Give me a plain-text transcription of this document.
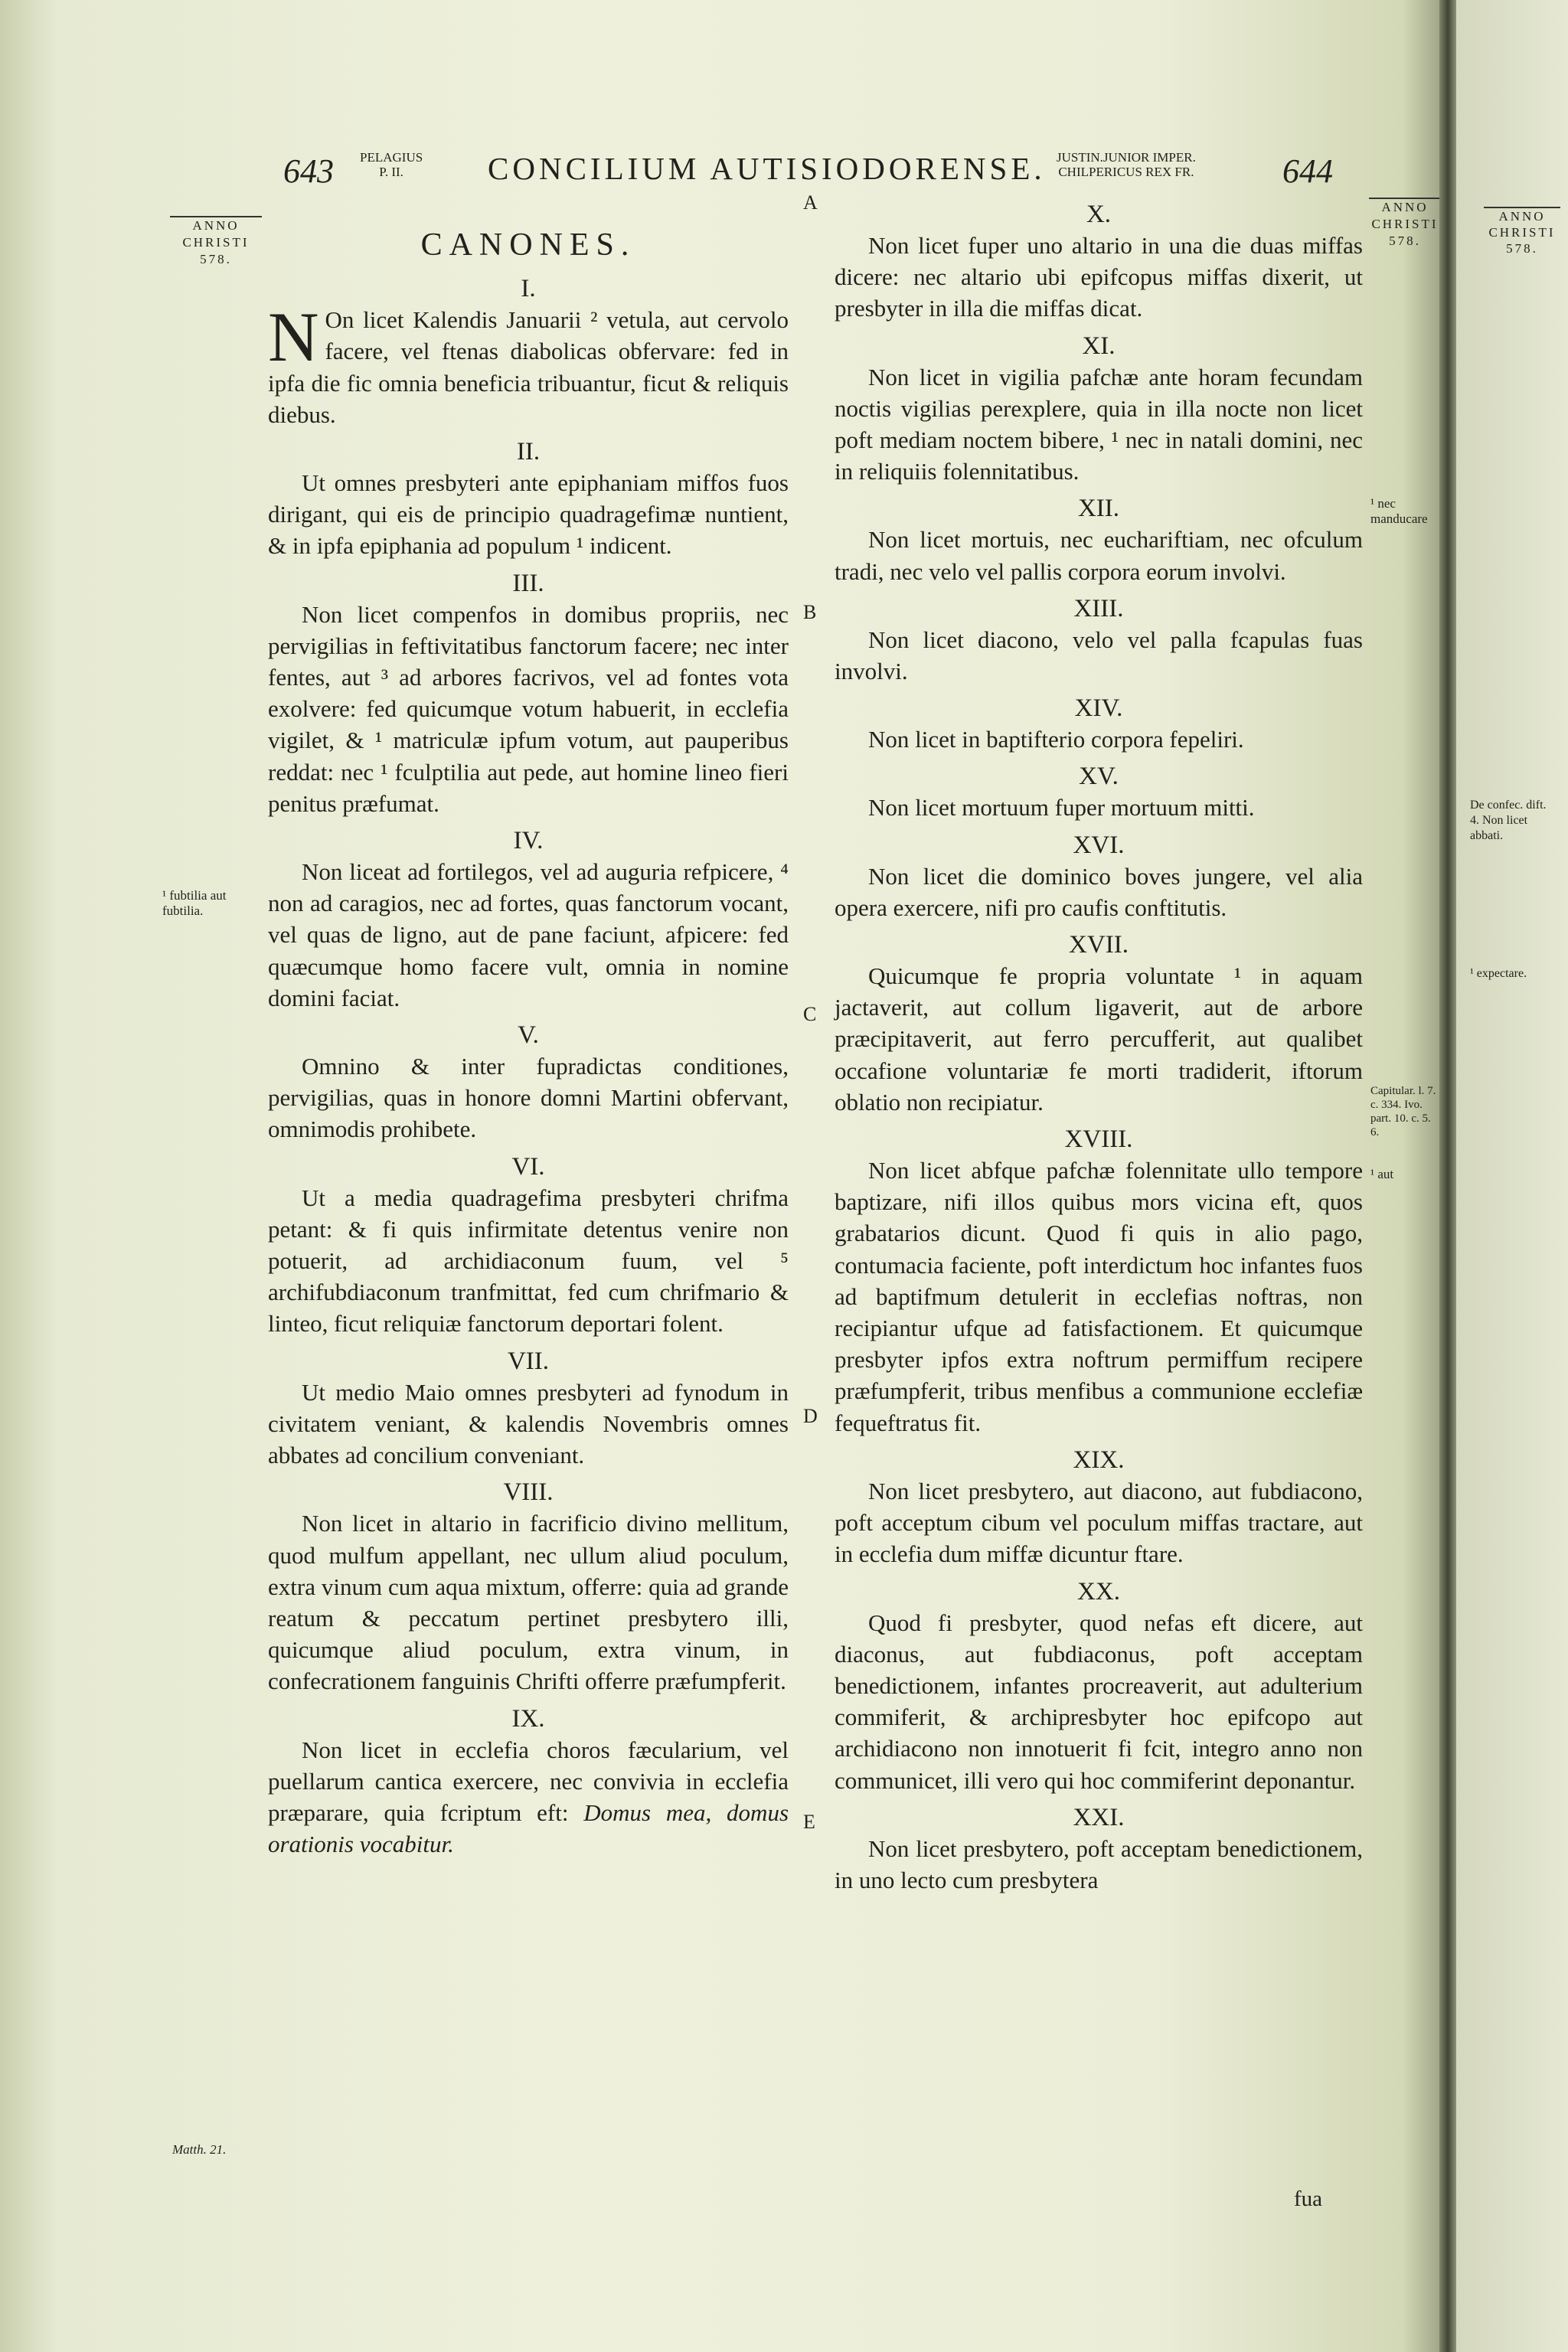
643 PELAGIUS
P. II.	CONCILIUM AUTISIODORENSE. JUSTIN.JUNIOR IMPER.
CHILPERICUS REX FR.	644
ANNO
CHRISTI
578.
ANNO
CHRISTI
578.
CANONES.
I.

N On licet Kalendis Januarii ² vetula, aut cervolo facere, vel ftenas diabolicas obfervare: fed in ipfa die fic omnia beneficia tribuantur, ficut & reliquis diebus.

II.

Ut omnes presbyteri ante epiphaniam miffos fuos dirigant, qui eis de principio quadragefimæ nuntient, & in ipfa epiphania ad populum ¹ indicent.

III.

Non licet compenfos in domibus propriis, nec pervigilias in feftivitatibus fanctorum facere; nec inter fentes, aut ³ ad arbores facrivos, vel ad fontes vota exolvere: fed quicumque votum habuerit, in ecclefia vigilet, & ¹ matriculæ ipfum votum, aut pauperibus reddat: nec ¹ fculptilia aut pede, aut homine lineo fieri penitus præfumat.

IV.

Non liceat ad fortilegos, vel ad auguria refpicere, ⁴ non ad caragios, nec ad fortes, quas fanctorum vocant, vel quas de ligno, aut de pane faciunt, afpicere: fed quæcumque homo facere vult, omnia in nomine domini faciat.

V.

Omnino & inter fupradictas conditiones, pervigilias, quas in honore domni Martini obfervant, omnimodis prohibete.

VI.

Ut a media quadragefima presbyteri chrifma petant: & fi quis infirmitate detentus venire non potuerit, ad archidiaconum fuum, vel ⁵ archifubdiaconum tranfmittat, fed cum chrifmario & linteo, ficut reliquiæ fanctorum deportari folent.

VII.

Ut medio Maio omnes presbyteri ad fynodum in civitatem veniant, & kalendis Novembris omnes abbates ad concilium conveniant.

VIII.

Non licet in altario in facrificio divino mellitum, quod mulfum appellant, nec ullum aliud poculum, extra vinum cum aqua mixtum, offerre: quia ad grande reatum & peccatum pertinet presbytero illi, quicumque aliud poculum, extra vinum, in confecrationem fanguinis Chrifti offerre præfumpferit.

IX.

Non licet in ecclefia choros fæcularium, vel puellarum cantica exercere, nec convivia in ecclefia præparare, quia fcriptum eft: Domus mea, domus orationis vocabitur.

X.

Non licet fuper uno altario in una die duas miffas dicere: nec altario ubi epifcopus miffas dixerit, ut presbyter in illa die miffas dicat.

XI.

Non licet in vigilia pafchæ ante horam fecundam noctis vigilias perexplere, quia in illa nocte non licet poft mediam noctem bibere, ¹ nec in natali domini, nec in reliquiis folennitatibus.

XII.

Non licet mortuis, nec euchariftiam, nec ofculum tradi, nec velo vel pallis corpora eorum involvi.

XIII.

Non licet diacono, velo vel palla fcapulas fuas involvi.

XIV.

Non licet in baptifterio corpora fepeliri.

XV.

Non licet mortuum fuper mortuum mitti.

XVI.

Non licet die dominico boves jungere, vel alia opera exercere, nifi pro caufis conftitutis.

XVII.

Quicumque fe propria voluntate ¹ in aquam jactaverit, aut collum ligaverit, aut de arbore præcipitaverit, aut ferro percufferit, aut qualibet occafione voluntariæ fe morti tradiderit, iftorum oblatio non recipiatur.

XVIII.

Non licet abfque pafchæ folennitate ullo tempore baptizare, nifi illos quibus mors vicina eft, quos grabatarios dicunt. Quod fi quis in alio pago, contumacia faciente, poft interdictum hoc infantes fuos ad baptifmum detulerit in ecclefias noftras, non recipiantur ufque ad fatisfactionem. Et quicumque presbyter ipfos extra noftrum permiffum recipere præfumpferit, tribus menfibus a communione ecclefiæ fequeftratus fit.

XIX.

Non licet presbytero, aut diacono, aut fubdiacono, poft acceptum cibum vel poculum miffas tractare, aut in ecclefia dum miffæ dicuntur ftare.

XX.

Quod fi presbyter, quod nefas eft dicere, aut diaconus, aut fubdiaconus, poft acceptam benedictionem, infantes procreaverit, aut adulterium commiferit, & archipresbyter hoc epifcopo aut archidiacono non innotuerit fi fcit, integro anno non communicet, illi vero qui hoc commiferint deponantur.

XXI.

Non licet presbytero, poft acceptam benedictionem, in uno lecto cum presbytera

fua
A
B
C
D
E
¹ fubtilia aut fubtilia.
Matth. 21.
¹ nec manducare
Capitular. l. 7. c. 334. Ivo. part. 10. c. 5. 6.
¹ aut
ANNO
CHRISTI
578.
De confec. dift. 4. Non licet abbati.
¹ expectare.
